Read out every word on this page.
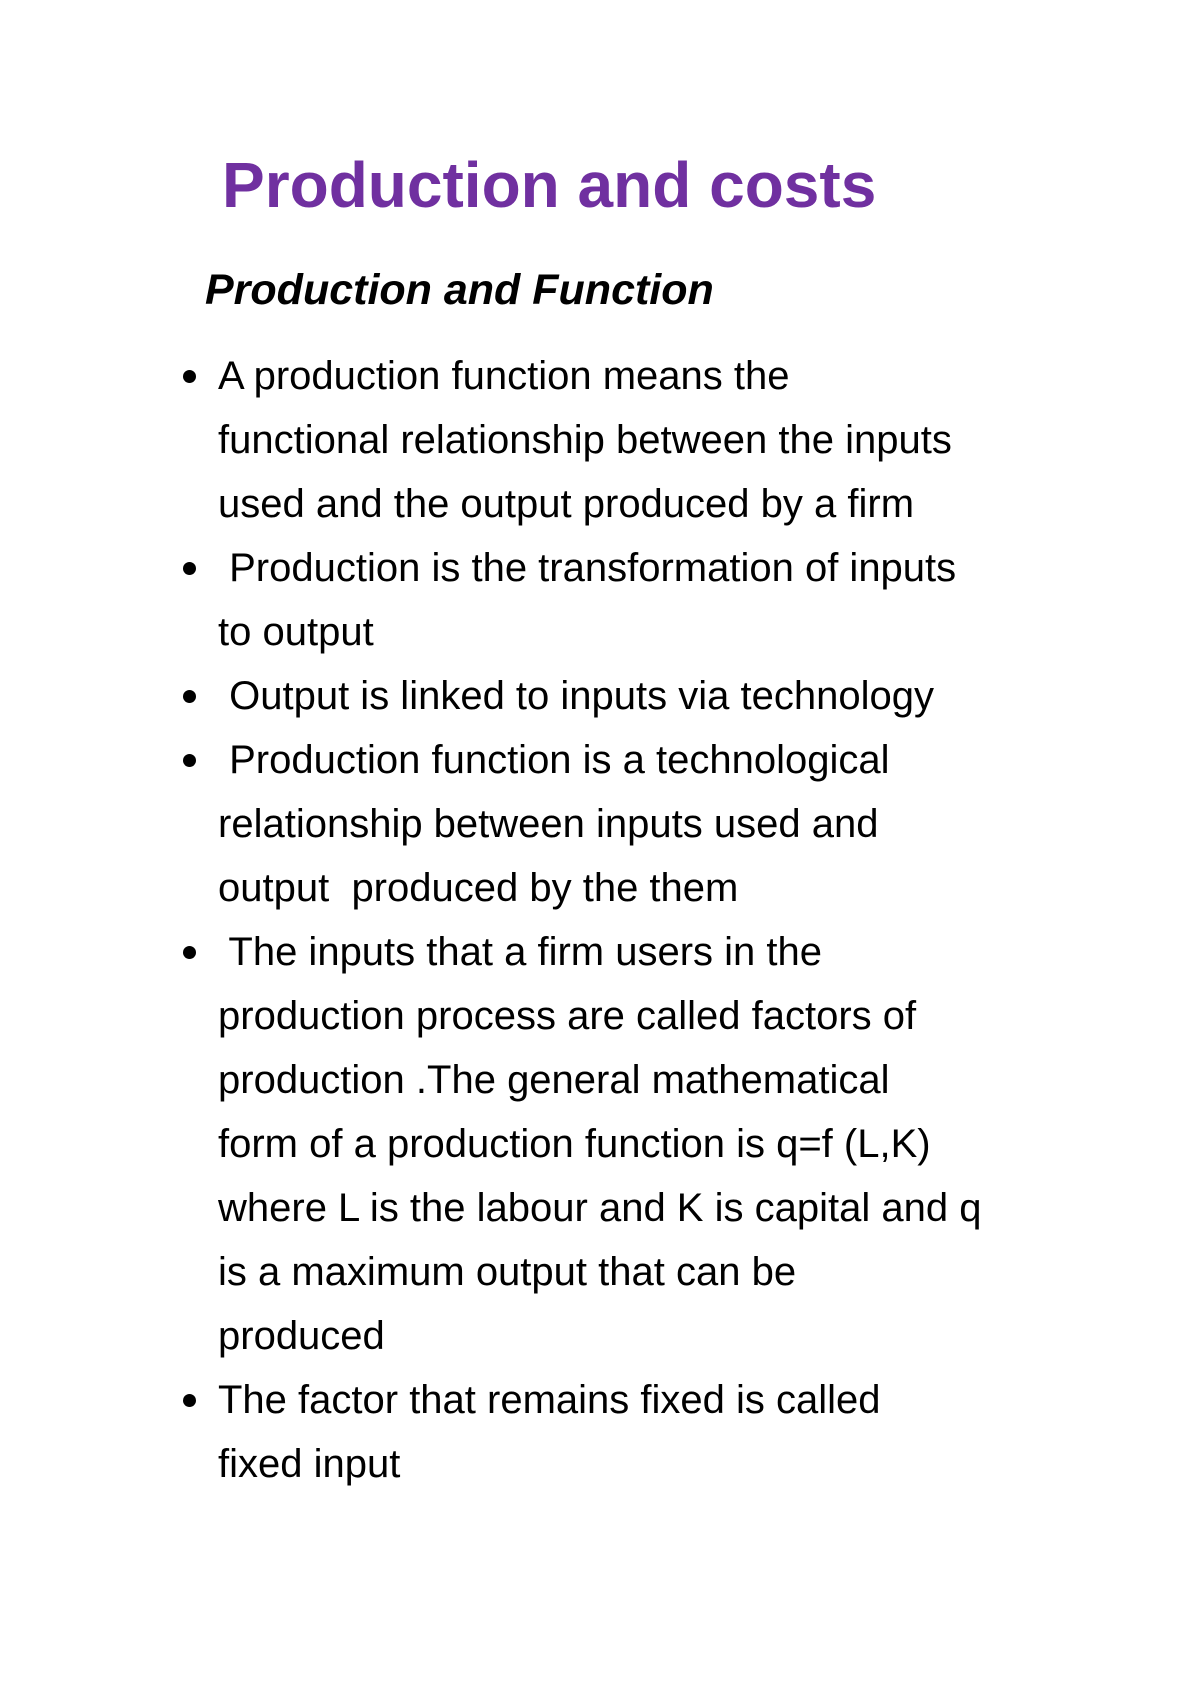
Production and costs
Production and Function
A production function means the
functional relationship between the inputs
used and the output produced by a firm
Production is the transformation of inputs
to output
Output is linked to inputs via technology
Production function is a technological
relationship between inputs used and
output  produced by the them
The inputs that a firm users in the
production process are called factors of
production .The general mathematical
form of a production function is q=f (L,K)
where L is the labour and K is capital and q
is a maximum output that can be
produced
The factor that remains fixed is called
fixed input
